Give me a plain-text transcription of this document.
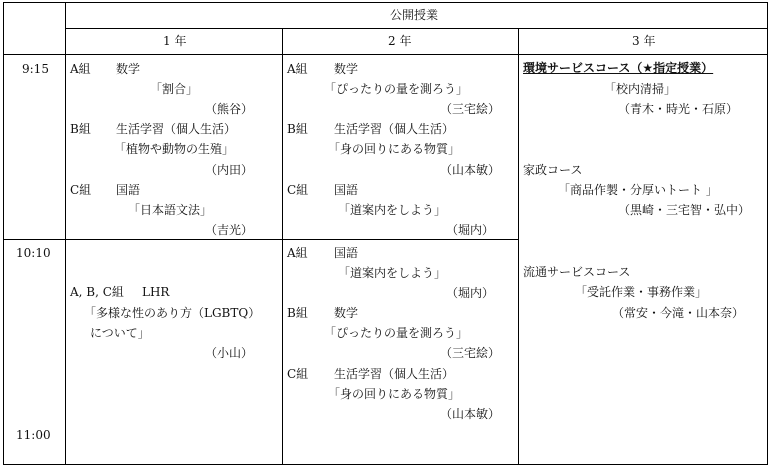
公開授業
1 年	2 年	3 年
9:15
10:10
11:00
A組 数学
「割合」
（熊谷）
B組 生活学習（個人生活）
「植物や動物の生殖」
（内田）
C組 国語
「日本語文法」
（吉光）
A, B, C組 LHR
「多様な性のあり方（LGBTQ）
について」
（小山）
A組 数学
「ぴったりの量を測ろう」
（三宅絵）
B組 生活学習（個人生活）
「身の回りにある物質」
（山本敏）
C組 国語
「道案内をしよう」
（堀内）
A組 国語
「道案内をしよう」
（堀内）
B組 数学
「ぴったりの量を測ろう」
（三宅絵）
C組 生活学習（個人生活）
「身の回りにある物質」
（山本敏）
環境サービスコース（★指定授業）
「校内清掃」
（青木・時光・石原）
家政コース
「商品作製・分厚いトート 」
（黒崎・三宅智・弘中）
流通サービスコース
「受託作業・事務作業」
（常安・今滝・山本奈）
